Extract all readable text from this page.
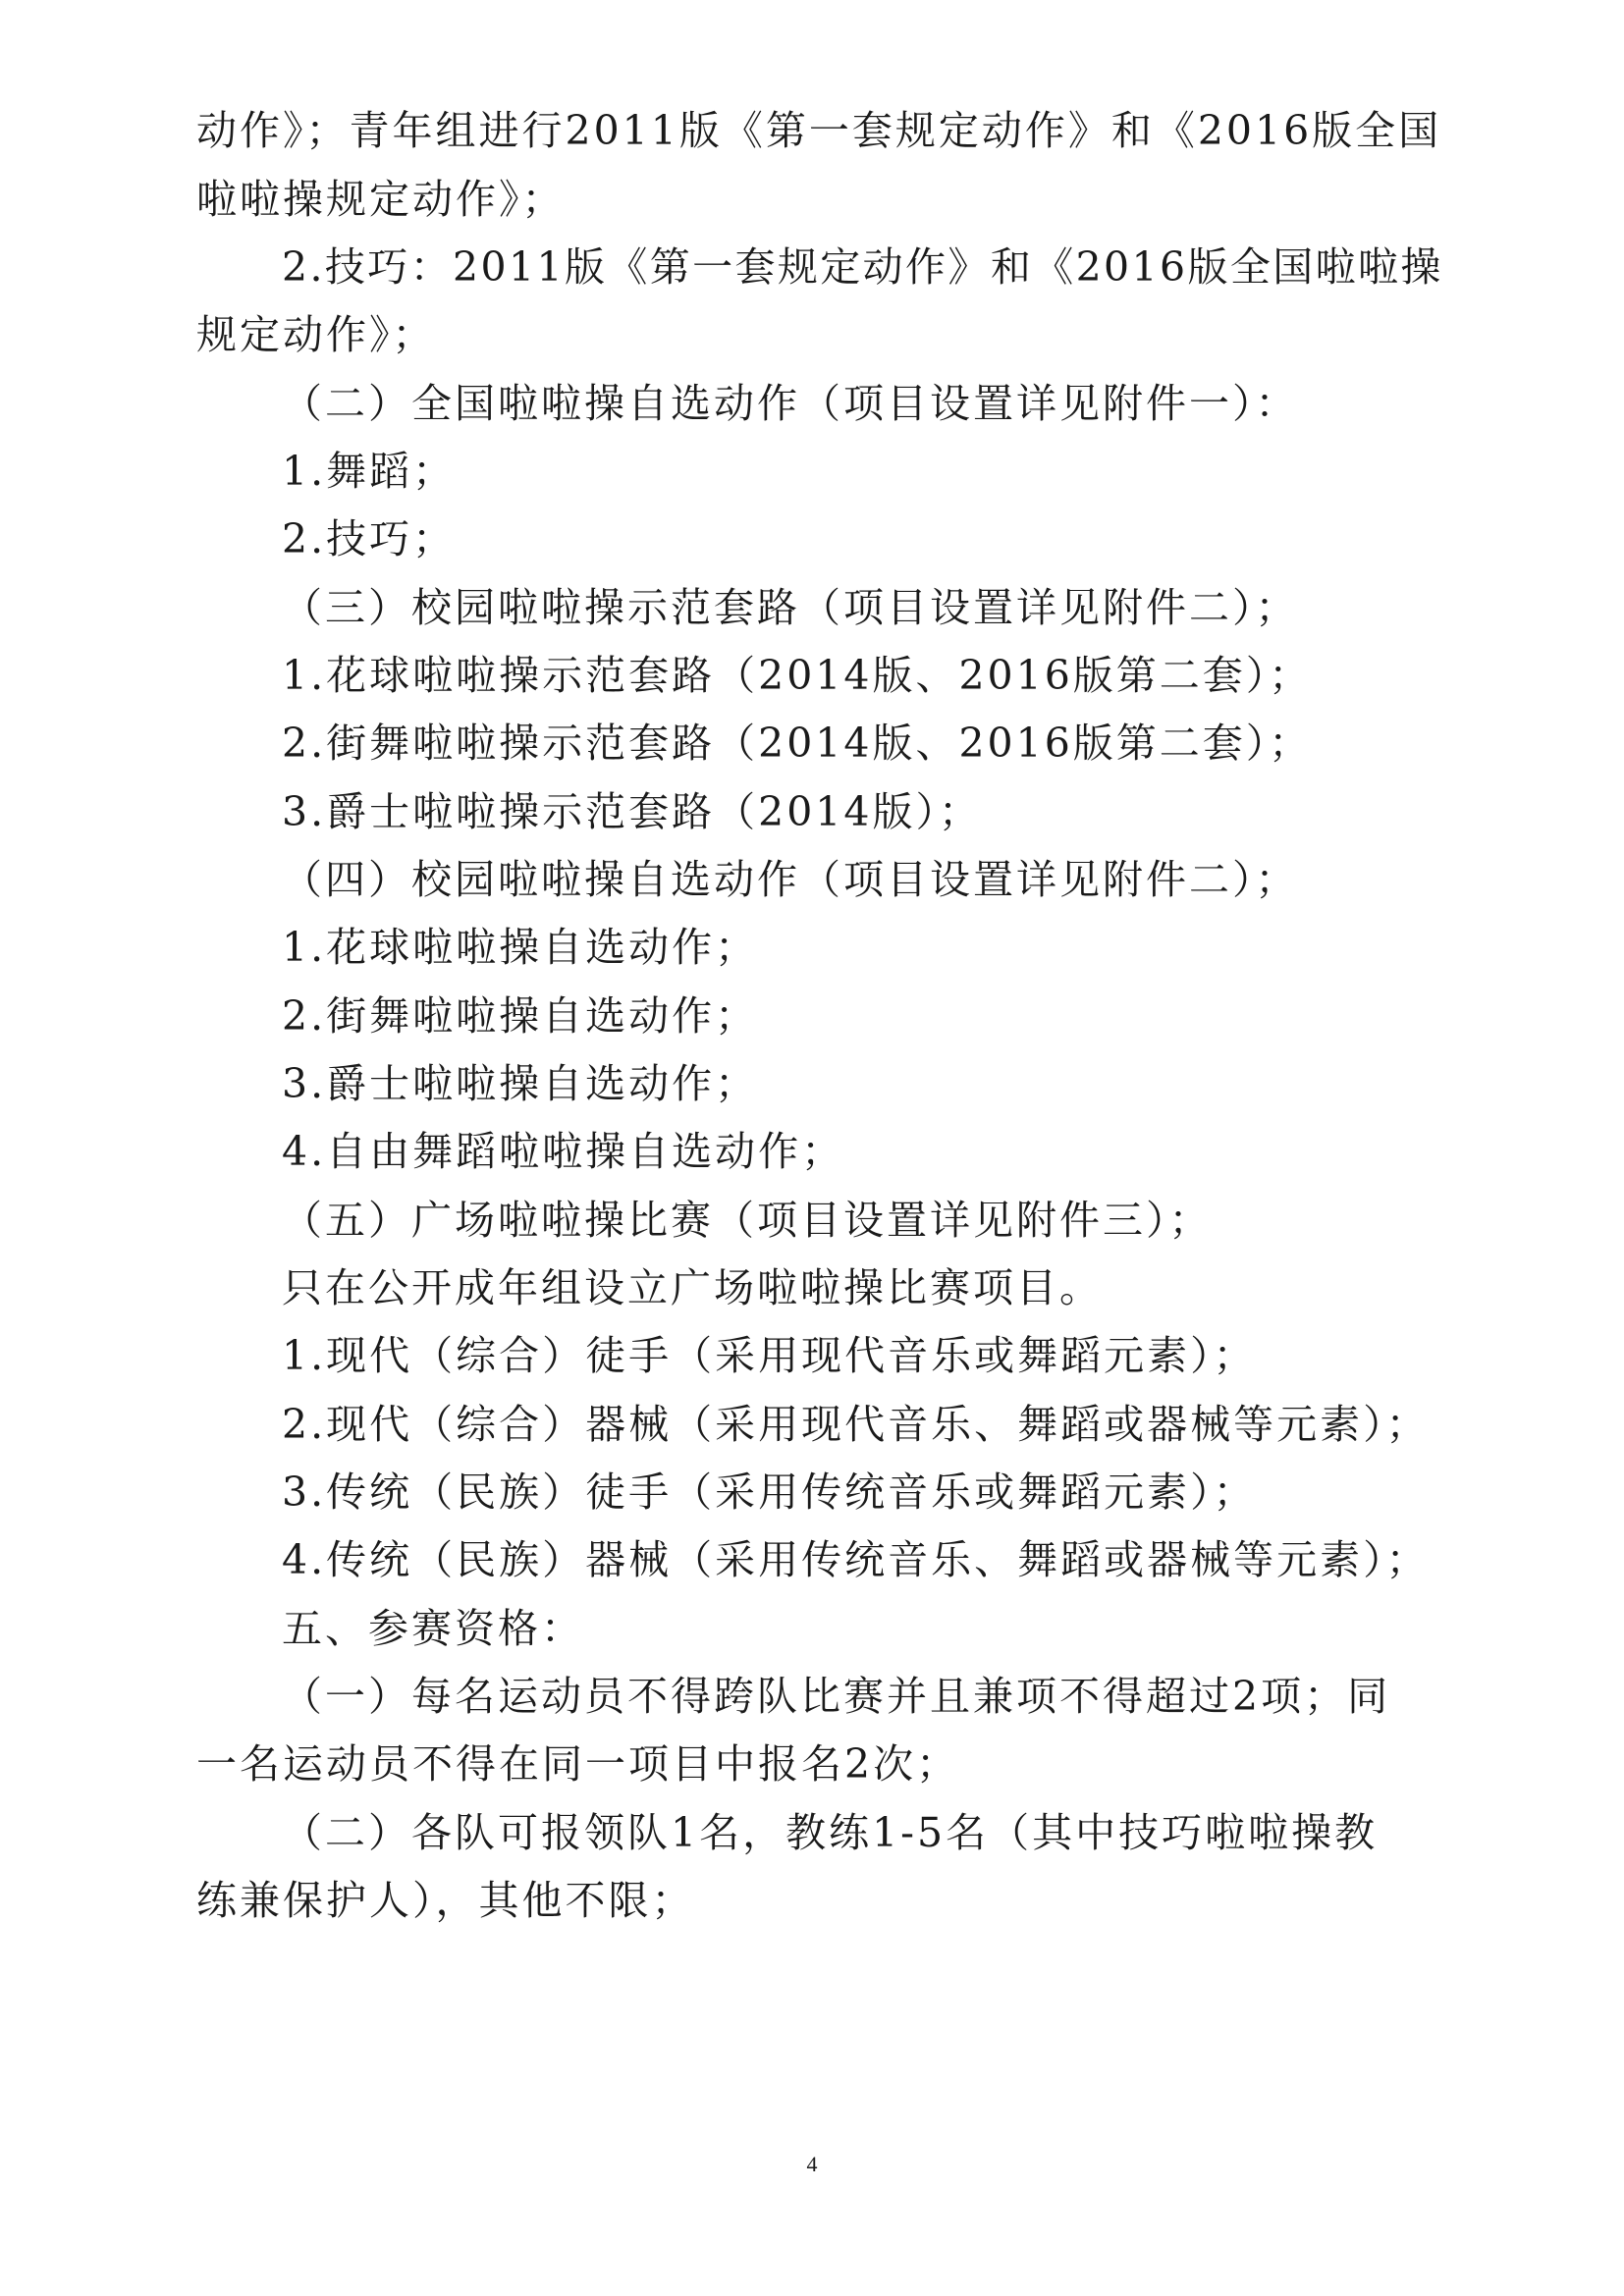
动作》；青年组进行2011版《第一套规定动作》和《2016版全国
啦啦操规定动作》；
2.技巧：2011版《第一套规定动作》和《2016版全国啦啦操
规定动作》；
（二）全国啦啦操自选动作（项目设置详见附件一）：
1.舞蹈；
2.技巧；
（三）校园啦啦操示范套路（项目设置详见附件二）；
1.花球啦啦操示范套路（2014版、2016版第二套）；
2.街舞啦啦操示范套路（2014版、2016版第二套）；
3.爵士啦啦操示范套路（2014版）；
（四）校园啦啦操自选动作（项目设置详见附件二）；
1.花球啦啦操自选动作；
2.街舞啦啦操自选动作；
3.爵士啦啦操自选动作；
4.自由舞蹈啦啦操自选动作；
（五）广场啦啦操比赛（项目设置详见附件三）；
只在公开成年组设立广场啦啦操比赛项目。
1.现代（综合）徒手（采用现代音乐或舞蹈元素）；
2.现代（综合）器械（采用现代音乐、舞蹈或器械等元素）；
3.传统（民族）徒手（采用传统音乐或舞蹈元素）；
4.传统（民族）器械（采用传统音乐、舞蹈或器械等元素）；
五、参赛资格：
（一）每名运动员不得跨队比赛并且兼项不得超过2项；同
一名运动员不得在同一项目中报名2次；
（二）各队可报领队1名，教练1-5名（其中技巧啦啦操教
练兼保护人），其他不限；
4
